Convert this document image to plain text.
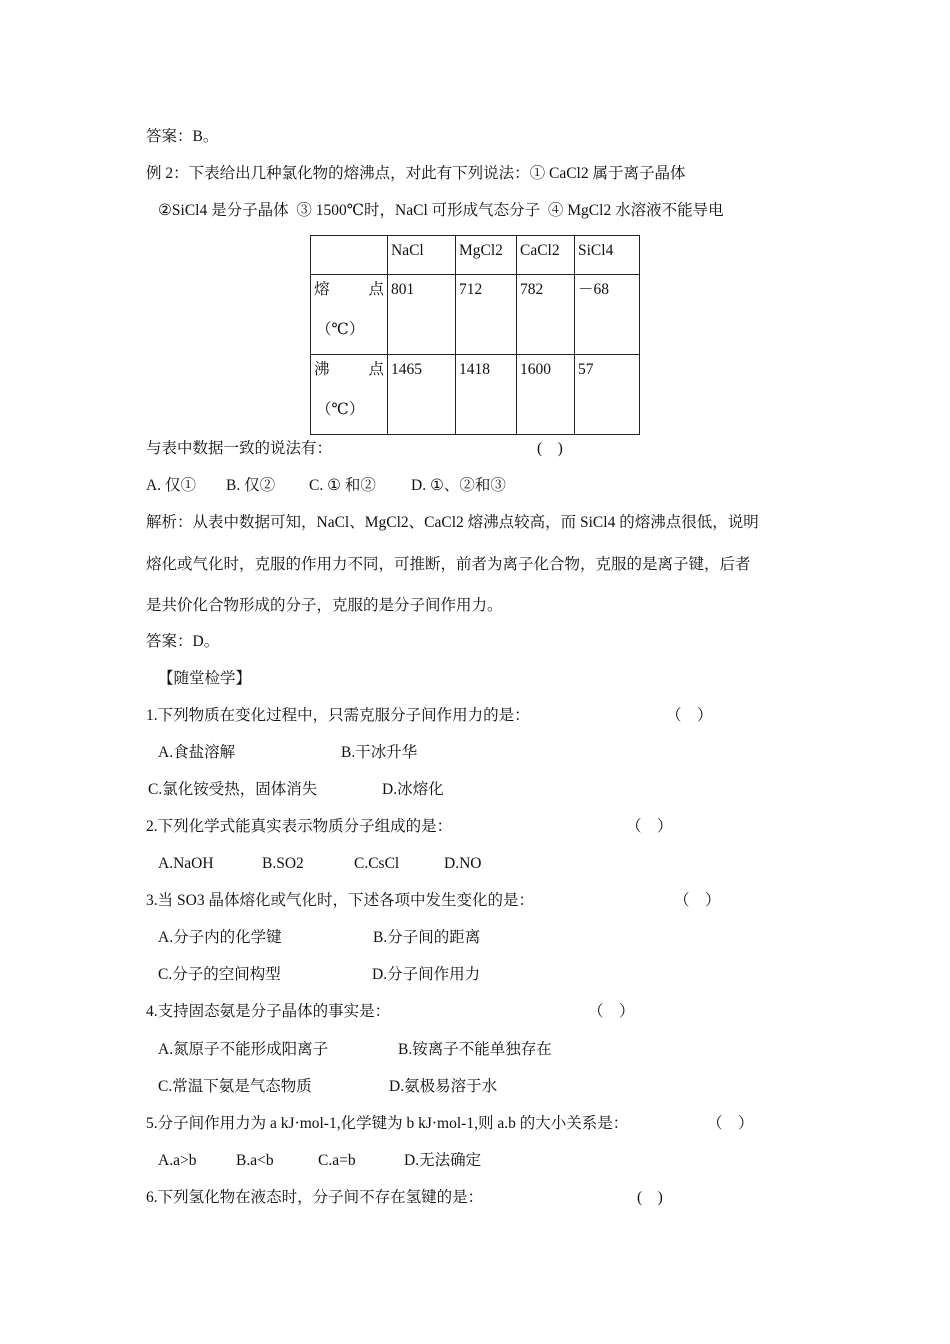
答案：B。
例 2：下表给出几种氯化物的熔沸点，对此有下列说法：① CaCl2 属于离子晶体
②SiCl4 是分子晶体  ③ 1500℃时，NaCl 可形成气态分子  ④ MgCl2 水溶液不能导电
	NaCl	MgCl2	CaCl2	SiCl4

熔 点
（℃）	801	712	782	－68

沸 点
（℃）	1465	1418	1600	57
与表中数据一致的说法有：	(    )
A. 仅① B. 仅② C. ① 和② D. ①、②和③
解析：从表中数据可知，NaCl、MgCl2、CaCl2 熔沸点较高，而 SiCl4 的熔沸点很低，说明
熔化或气化时，克服的作用力不同，可推断，前者为离子化合物，克服的是离子键，后者
是共价化合物形成的分子，克服的是分子间作用力。
答案：D。
【随堂检学】
1.下列物质在变化过程中，只需克服分子间作用力的是：	（    ）
A.食盐溶解	B.干冰升华
C.氯化铵受热，固体消失	D.冰熔化
2.下列化学式能真实表示物质分子组成的是：	（    ）
A.NaOH	B.SO2	C.CsCl	D.NO
3.当 SO3 晶体熔化或气化时，下述各项中发生变化的是：	（    ）
A.分子内的化学键	B.分子间的距离
C.分子的空间构型	D.分子间作用力
4.支持固态氨是分子晶体的事实是：	（    ）
A.氮原子不能形成阳离子	B.铵离子不能单独存在
C.常温下氨是气态物质	D.氨极易溶于水
5.分子间作用力为 a kJ·mol-1,化学键为 b kJ·mol-1,则 a.b 的大小关系是：	（    ）
A.a>b	B.a<b	C.a=b	D.无法确定
6.下列氢化物在液态时，分子间不存在氢键的是：	(    )
